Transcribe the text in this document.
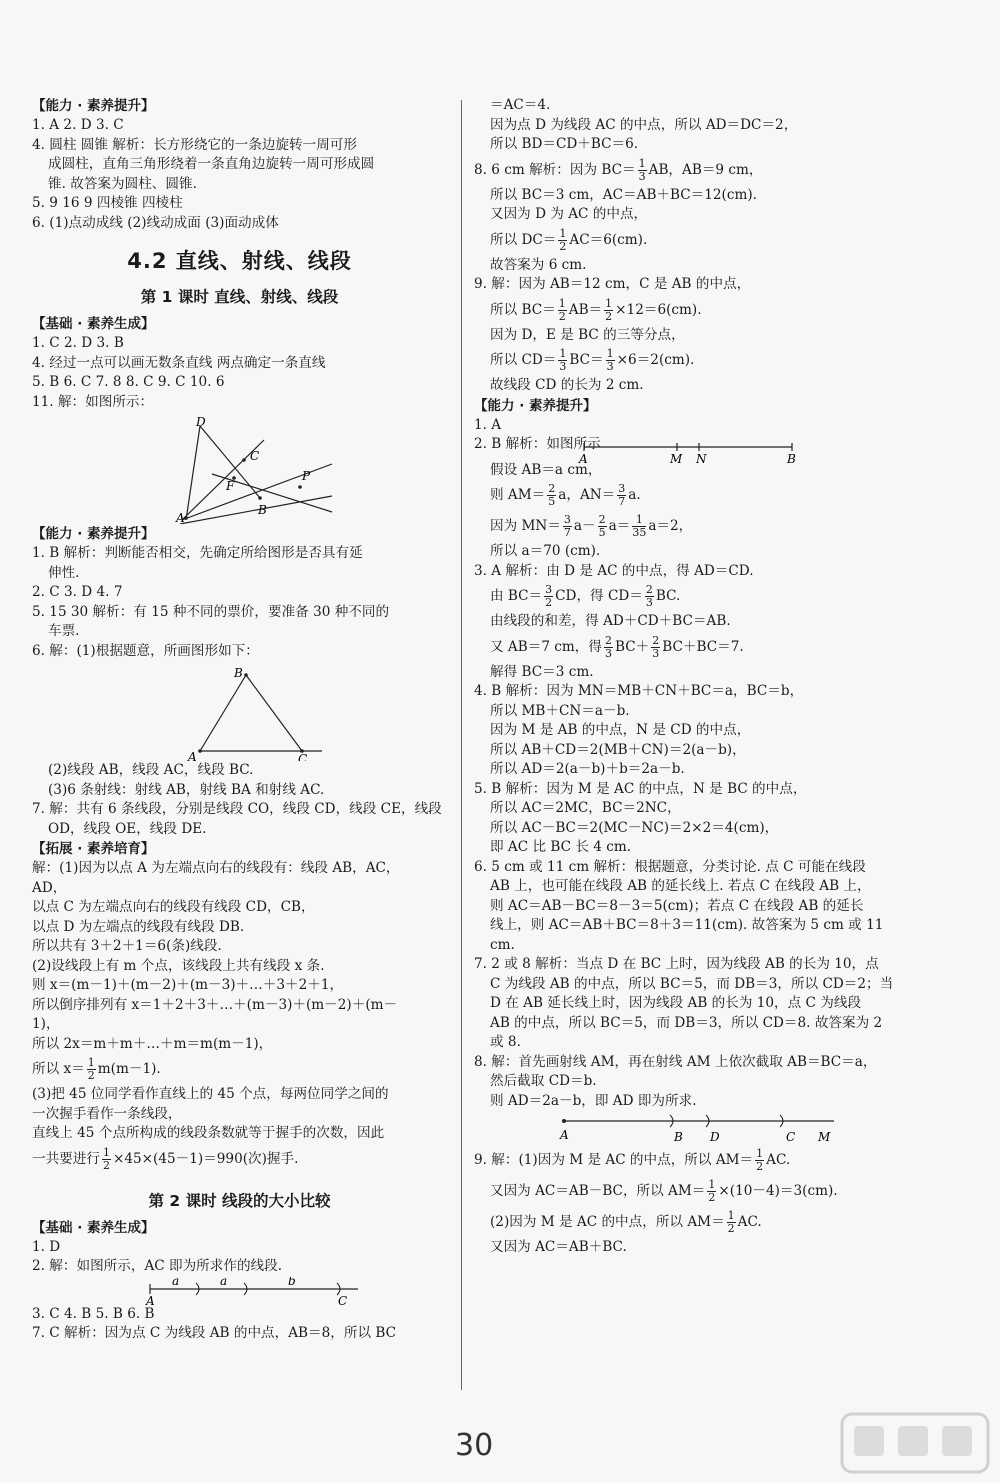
【能力 · 素养提升】
1. A 2. D 3. C
4. 圆柱 圆锥 解析：长方形绕它的一条边旋转一周可形
成圆柱，直角三角形绕着一条直角边旋转一周可形成圆
锥. 故答案为圆柱、圆锥.
5. 9 16 9 四棱锥 四棱柱
6. (1)点动成线 (2)线动成面 (3)面动成体
4.2 直线、射线、线段
第 1 课时 直线、射线、线段
【基础 · 素养生成】
1. C 2. D 3. B
4. 经过一点可以画无数条直线 两点确定一条直线
5. B 6. C 7. 8 8. C 9. C 10. 6
11. 解：如图所示：
D
C
F
P
A
B
【能力 · 素养提升】
1. B 解析：判断能否相交，先确定所给图形是否具有延
伸性.
2. C 3. D 4. 7
5. 15 30 解析：有 15 种不同的票价，要准备 30 种不同的
车票.
6. 解：(1)根据题意，所画图形如下：
B
A	C
(2)线段 AB，线段 AC，线段 BC.
(3)6 条射线：射线 AB，射线 BA 和射线 AC.
7. 解：共有 6 条线段，分别是线段 CO，线段 CD，线段 CE，线段
OD，线段 OE，线段 DE.
【拓展 · 素养培育】
解：(1)因为以点 A 为左端点向右的线段有：线段 AB，AC，
AD，
以点 C 为左端点向右的线段有线段 CD，CB，
以点 D 为左端点的线段有线段 DB.
所以共有 3＋2＋1＝6(条)线段.
(2)设线段上有 m 个点，该线段上共有线段 x 条.
则 x＝(m－1)＋(m－2)＋(m－3)＋…＋3＋2＋1，
所以倒序排列有 x＝1＋2＋3＋…＋(m－3)＋(m－2)＋(m－
1)，
所以 2x＝m＋m＋…＋m＝m(m－1)，
所以 $x= \frac{1}{2} m(m-1)$.
(3)把 45 位同学看作直线上的 45 个点，每两位同学之间的
一次握手看作一条线段，
直线上 45 个点所构成的线段条数就等于握手的次数，因此
一共要进行 $\frac{1}{2} \times 45\times(45-1)=990$(次)握手.
第 2 课时 线段的大小比较
【基础 · 素养生成】
1. D
2. 解：如图所示，AC 即为所求作的线段.
a	a	b
A	C
3. C 4. B 5. B 6. B
7. C 解析：因为点 C 为线段 AB 的中点，AB＝8，所以 BC
＝AC＝4.
因为点 D 为线段 AC 的中点，所以 AD＝DC＝2，
所以 BD＝CD＋BC＝6.
8. 6 cm 解析：因为 $BC= \frac{1}{3}$ AB，AB＝9 cm，
所以 BC＝3 cm，AC＝AB＋BC＝12(cm).
又因为 D 为 AC 的中点，
所以 $DC= \frac{1}{2} AC=6(cm)$.
故答案为 6 cm.
9. 解：因为 AB＝12 cm，C 是 AB 的中点，
所以 $BC= \frac{1}{2} AB= \frac{1}{2} \times 12=6(cm)$.
因为 D，E 是 BC 的三等分点，
所以 $CD= \frac{1}{3} BC= \frac{1}{3} \times 6=2(cm)$.
故线段 CD 的长为 2 cm.
【能力 · 素养提升】
1. A
2. B 解析：如图所示
A	M N	B
假设 AB＝a cm，
则 $AM= \frac{2}{5}$ a，$AN= \frac{3}{7} a$.
因为 $MN= \frac{3}{7} a- \frac{2}{5} a= \frac{1}{35} a=2$，
所以 a＝70 (cm).
3. A 解析：由 D 是 AC 的中点，得 AD＝CD.
由 $BC= \frac{3}{2}$ CD，得 $CD= \frac{2}{3}$ BC.
由线段的和差，得 AD＋CD＋BC＝AB.
又 AB＝7 cm，得 $\frac{2}{3} BC+ \frac{2}{3} BC+BC=7$.
解得 BC＝3 cm.
4. B 解析：因为 MN＝MB＋CN＋BC＝a，BC＝b，
所以 MB＋CN＝a－b.
因为 M 是 AB 的中点，N 是 CD 的中点，
所以 AB＋CD＝2(MB＋CN)＝2(a－b)，
所以 AD＝2(a－b)＋b＝2a－b.
5. B 解析：因为 M 是 AC 的中点，N 是 BC 的中点，
所以 AC＝2MC，BC＝2NC，
所以 AC－BC＝2(MC－NC)＝2×2＝4(cm)，
即 AC 比 BC 长 4 cm.
6. 5 cm 或 11 cm 解析：根据题意，分类讨论. 点 C 可能在线段
AB 上，也可能在线段 AB 的延长线上. 若点 C 在线段 AB 上，
则 AC＝AB－BC＝8－3＝5(cm)；若点 C 在线段 AB 的延长
线上，则 AC＝AB＋BC＝8＋3＝11(cm). 故答案为 5 cm 或 11
cm.
7. 2 或 8 解析：当点 D 在 BC 上时，因为线段 AB 的长为 10，点
C 为线段 AB 的中点，所以 BC＝5，而 DB＝3，所以 CD＝2；当
D 在 AB 延长线上时，因为线段 AB 的长为 10，点 C 为线段
AB 的中点，所以 BC＝5，而 DB＝3，所以 CD＝8. 故答案为 2
或 8.
8. 解：首先画射线 AM，再在射线 AM 上依次截取 AB＝BC＝a，
然后截取 CD＝b.
则 AD＝2a－b，即 AD 即为所求.
A	B D	C M
9. 解：(1)因为 M 是 AC 的中点，所以 $AM= \frac{1}{2}$ AC.
又因为 AC＝AB－BC，所以 $AM= \frac{1}{2} \times(10-4)=3(cm)$.
(2)因为 M 是 AC 的中点，所以 $AM= \frac{1}{2}$ AC.
又因为 AC＝AB＋BC.
30
